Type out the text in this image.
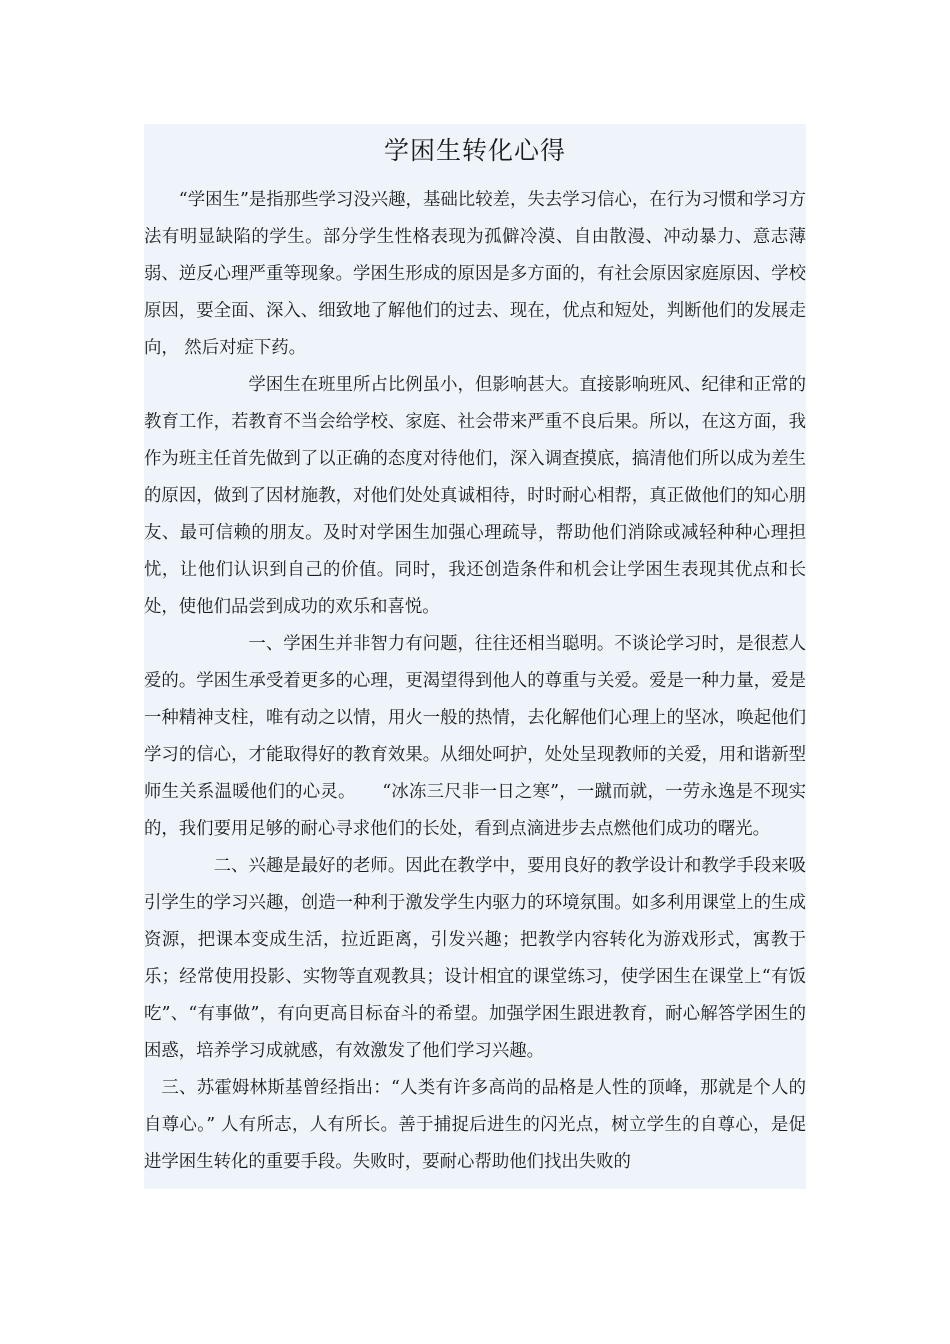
学困生转化心得

“学困生”是指那些学习没兴趣，基础比较差，失去学习信心，在行为习惯和学习方法有明显缺陷的学生。部分学生性格表现为孤僻冷漠、自由散漫、冲动暴力、意志薄弱、逆反心理严重等现象。学困生形成的原因是多方面的，有社会原因家庭原因、学校原因，要全面、深入、细致地了解他们的过去、现在，优点和短处，判断他们的发展走向， 然后对症下药。

学困生在班里所占比例虽小，但影响甚大。直接影响班风、纪律和正常的教育工作，若教育不当会给学校、家庭、社会带来严重不良后果。所以，在这方面，我作为班主任首先做到了以正确的态度对待他们，深入调查摸底，搞清他们所以成为差生的原因，做到了因材施教，对他们处处真诚相待，时时耐心相帮，真正做他们的知心朋友、最可信赖的朋友。及时对学困生加强心理疏导，帮助他们消除或减轻种种心理担忧，让他们认识到自己的价值。同时，我还创造条件和机会让学困生表现其优点和长处，使他们品尝到成功的欢乐和喜悦。

一、学困生并非智力有问题，往往还相当聪明。不谈论学习时，是很惹人爱的。学困生承受着更多的心理，更渴望得到他人的尊重与关爱。爱是一种力量，爱是一种精神支柱，唯有动之以情，用火一般的热情，去化解他们心理上的坚冰，唤起他们学习的信心，才能取得好的教育效果。从细处呵护，处处呈现教师的关爱，用和谐新型师生关系温暖他们的心灵。　　“冰冻三尺非一日之寒”，一蹴而就，一劳永逸是不现实的，我们要用足够的耐心寻求他们的长处，看到点滴进步去点燃他们成功的曙光。

二、兴趣是最好的老师。因此在教学中，要用良好的教学设计和教学手段来吸引学生的学习兴趣，创造一种利于激发学生内驱力的环境氛围。如多利用课堂上的生成资源，把课本变成生活，拉近距离，引发兴趣；把教学内容转化为游戏形式，寓教于乐；经常使用投影、实物等直观教具；设计相宜的课堂练习，使学困生在课堂上“有饭吃”、“有事做”，有向更高目标奋斗的希望。加强学困生跟进教育，耐心解答学困生的困惑，培养学习成就感，有效激发了他们学习兴趣。

三、苏霍姆林斯基曾经指出：“人类有许多高尚的品格是人性的顶峰，那就是个人的自尊心。” 人有所志，人有所长。善于捕捉后进生的闪光点，树立学生的自尊心，是促进学困生转化的重要手段。失败时，要耐心帮助他们找出失败的
